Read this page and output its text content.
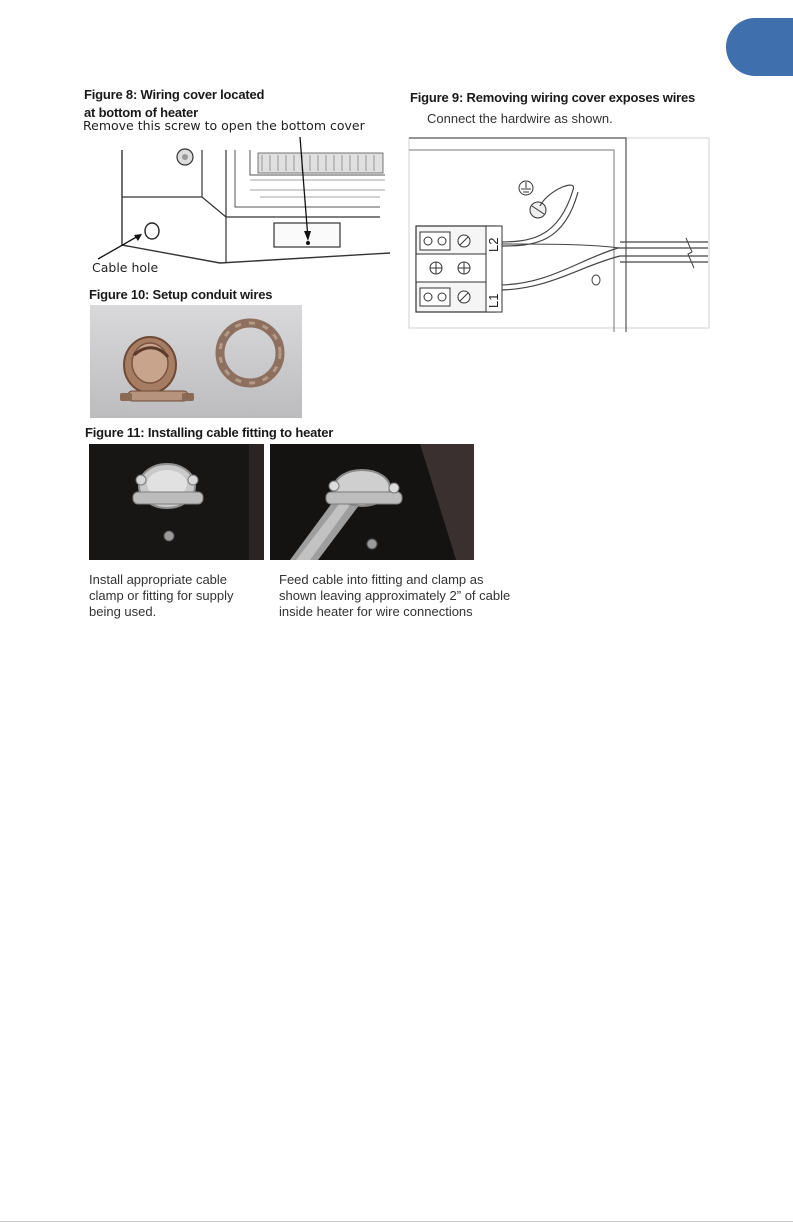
Figure 8: Wiring cover located
at bottom of heater
Remove this screw to open the bottom cover
Cable hole
Figure 9: Removing wiring cover exposes wires
Connect the hardwire as shown.
L2
L1
Figure 10: Setup conduit wires
Figure 11: Installing cable fitting to heater
Install appropriate cable
clamp or fitting for supply
being used.
Feed cable into fitting and clamp as
shown leaving approximately 2” of cable
inside heater for wire connections
